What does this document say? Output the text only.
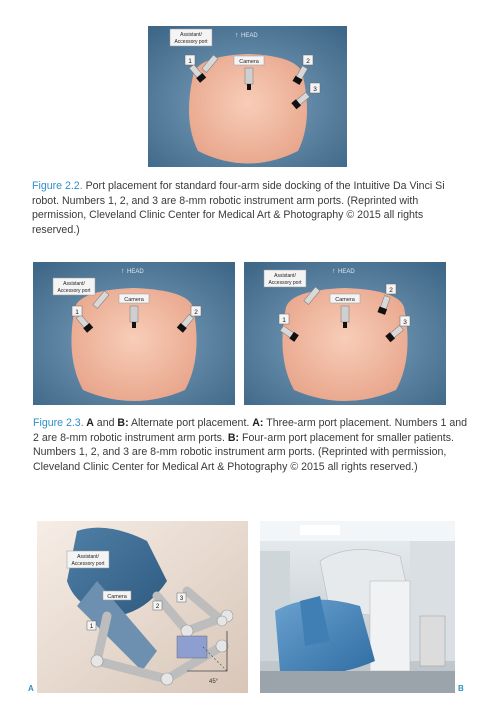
HEAD
↑
Assistant/
Accessory port
Camera
1	2
3
Figure 2.2. Port placement for standard four-arm side docking of the Intuitive Da Vinci Si robot. Numbers 1, 2, and 3 are 8-mm robotic instrument arm ports. (Reprinted with permission, Cleveland Clinic Center for Medical Art & Photography © 2015 all rights reserved.)
↑ HEAD
Assistant/
Accessory port
Camera
1	2
↑ HEAD
Assistant/
Accessory port
Camera
1
2
3
Figure 2.3. A and B: Alternate port placement. A: Three-arm port placement. Numbers 1 and 2 are 8-mm robotic instrument arm ports. B: Four-arm port placement for smaller patients. Numbers 1, 2, and 3 are 8-mm robotic instrument arm ports. (Reprinted with permission, Cleveland Clinic Center for Medical Art & Photography © 2015 all rights reserved.)
45°
Assistant/
Accessory port
Camera
1
2
3
A	B
